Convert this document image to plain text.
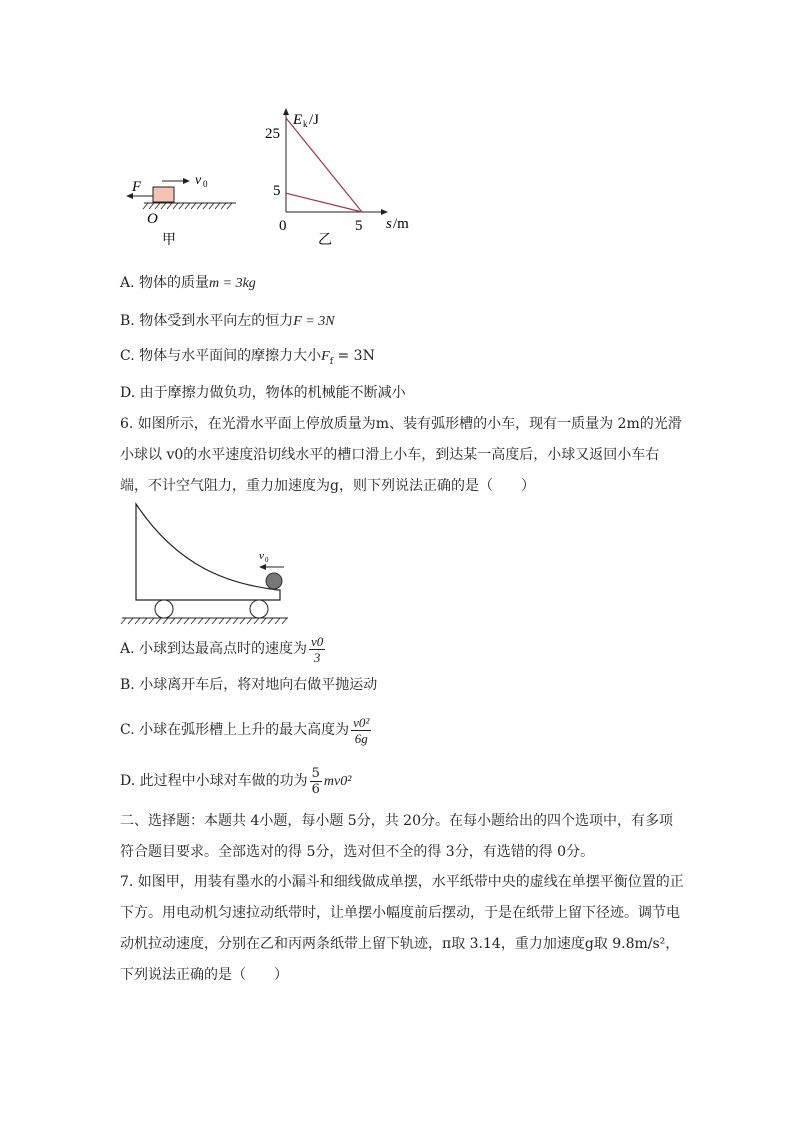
v 0
F
O
甲
E k /J
s /m
25
5
0	5
乙
A. 物体的质量m = 3kg
B. 物体受到水平向左的恒力F = 3N
C. 物体与水平面间的摩擦力大小$F_f = 3N$
D. 由于摩擦力做负功，物体的机械能不断减小
6. 如图所示，在光滑水平面上停放质量为m、装有弧形槽的小车，现有一质量为 2m的光滑小球以 v0的水平速度沿切线水平的槽口滑上小车，到达某一高度后，小球又返回小车右端，不计空气阻力，重力加速度为g，则下列说法正确的是（　　）
v 0
A. 小球到达最高点时的速度为 $\frac{v0}{3}$
B. 小球离开车后，将对地向右做平抛运动
C. 小球在弧形槽上上升的最大高度为 $\frac{\text{v0²}}{6g}$
D. 此过程中小球对车做的功为 $\frac{5}{6} mv0^2$
二、选择题：本题共 4小题，每小题 5分，共 20分。在每小题给出的四个选项中，有多项符合题目要求。全部选对的得 5分，选对但不全的得 3分，有选错的得 0分。
7. 如图甲，用装有墨水的小漏斗和细线做成单摆，水平纸带中央的虚线在单摆平衡位置的正下方。用电动机匀速拉动纸带时，让单摆小幅度前后摆动，于是在纸带上留下径迹。调节电动机拉动速度，分别在乙和丙两条纸带上留下轨迹，π取 3.14，重力加速度g取 9.8m/s²，下列说法正确的是（　　）
